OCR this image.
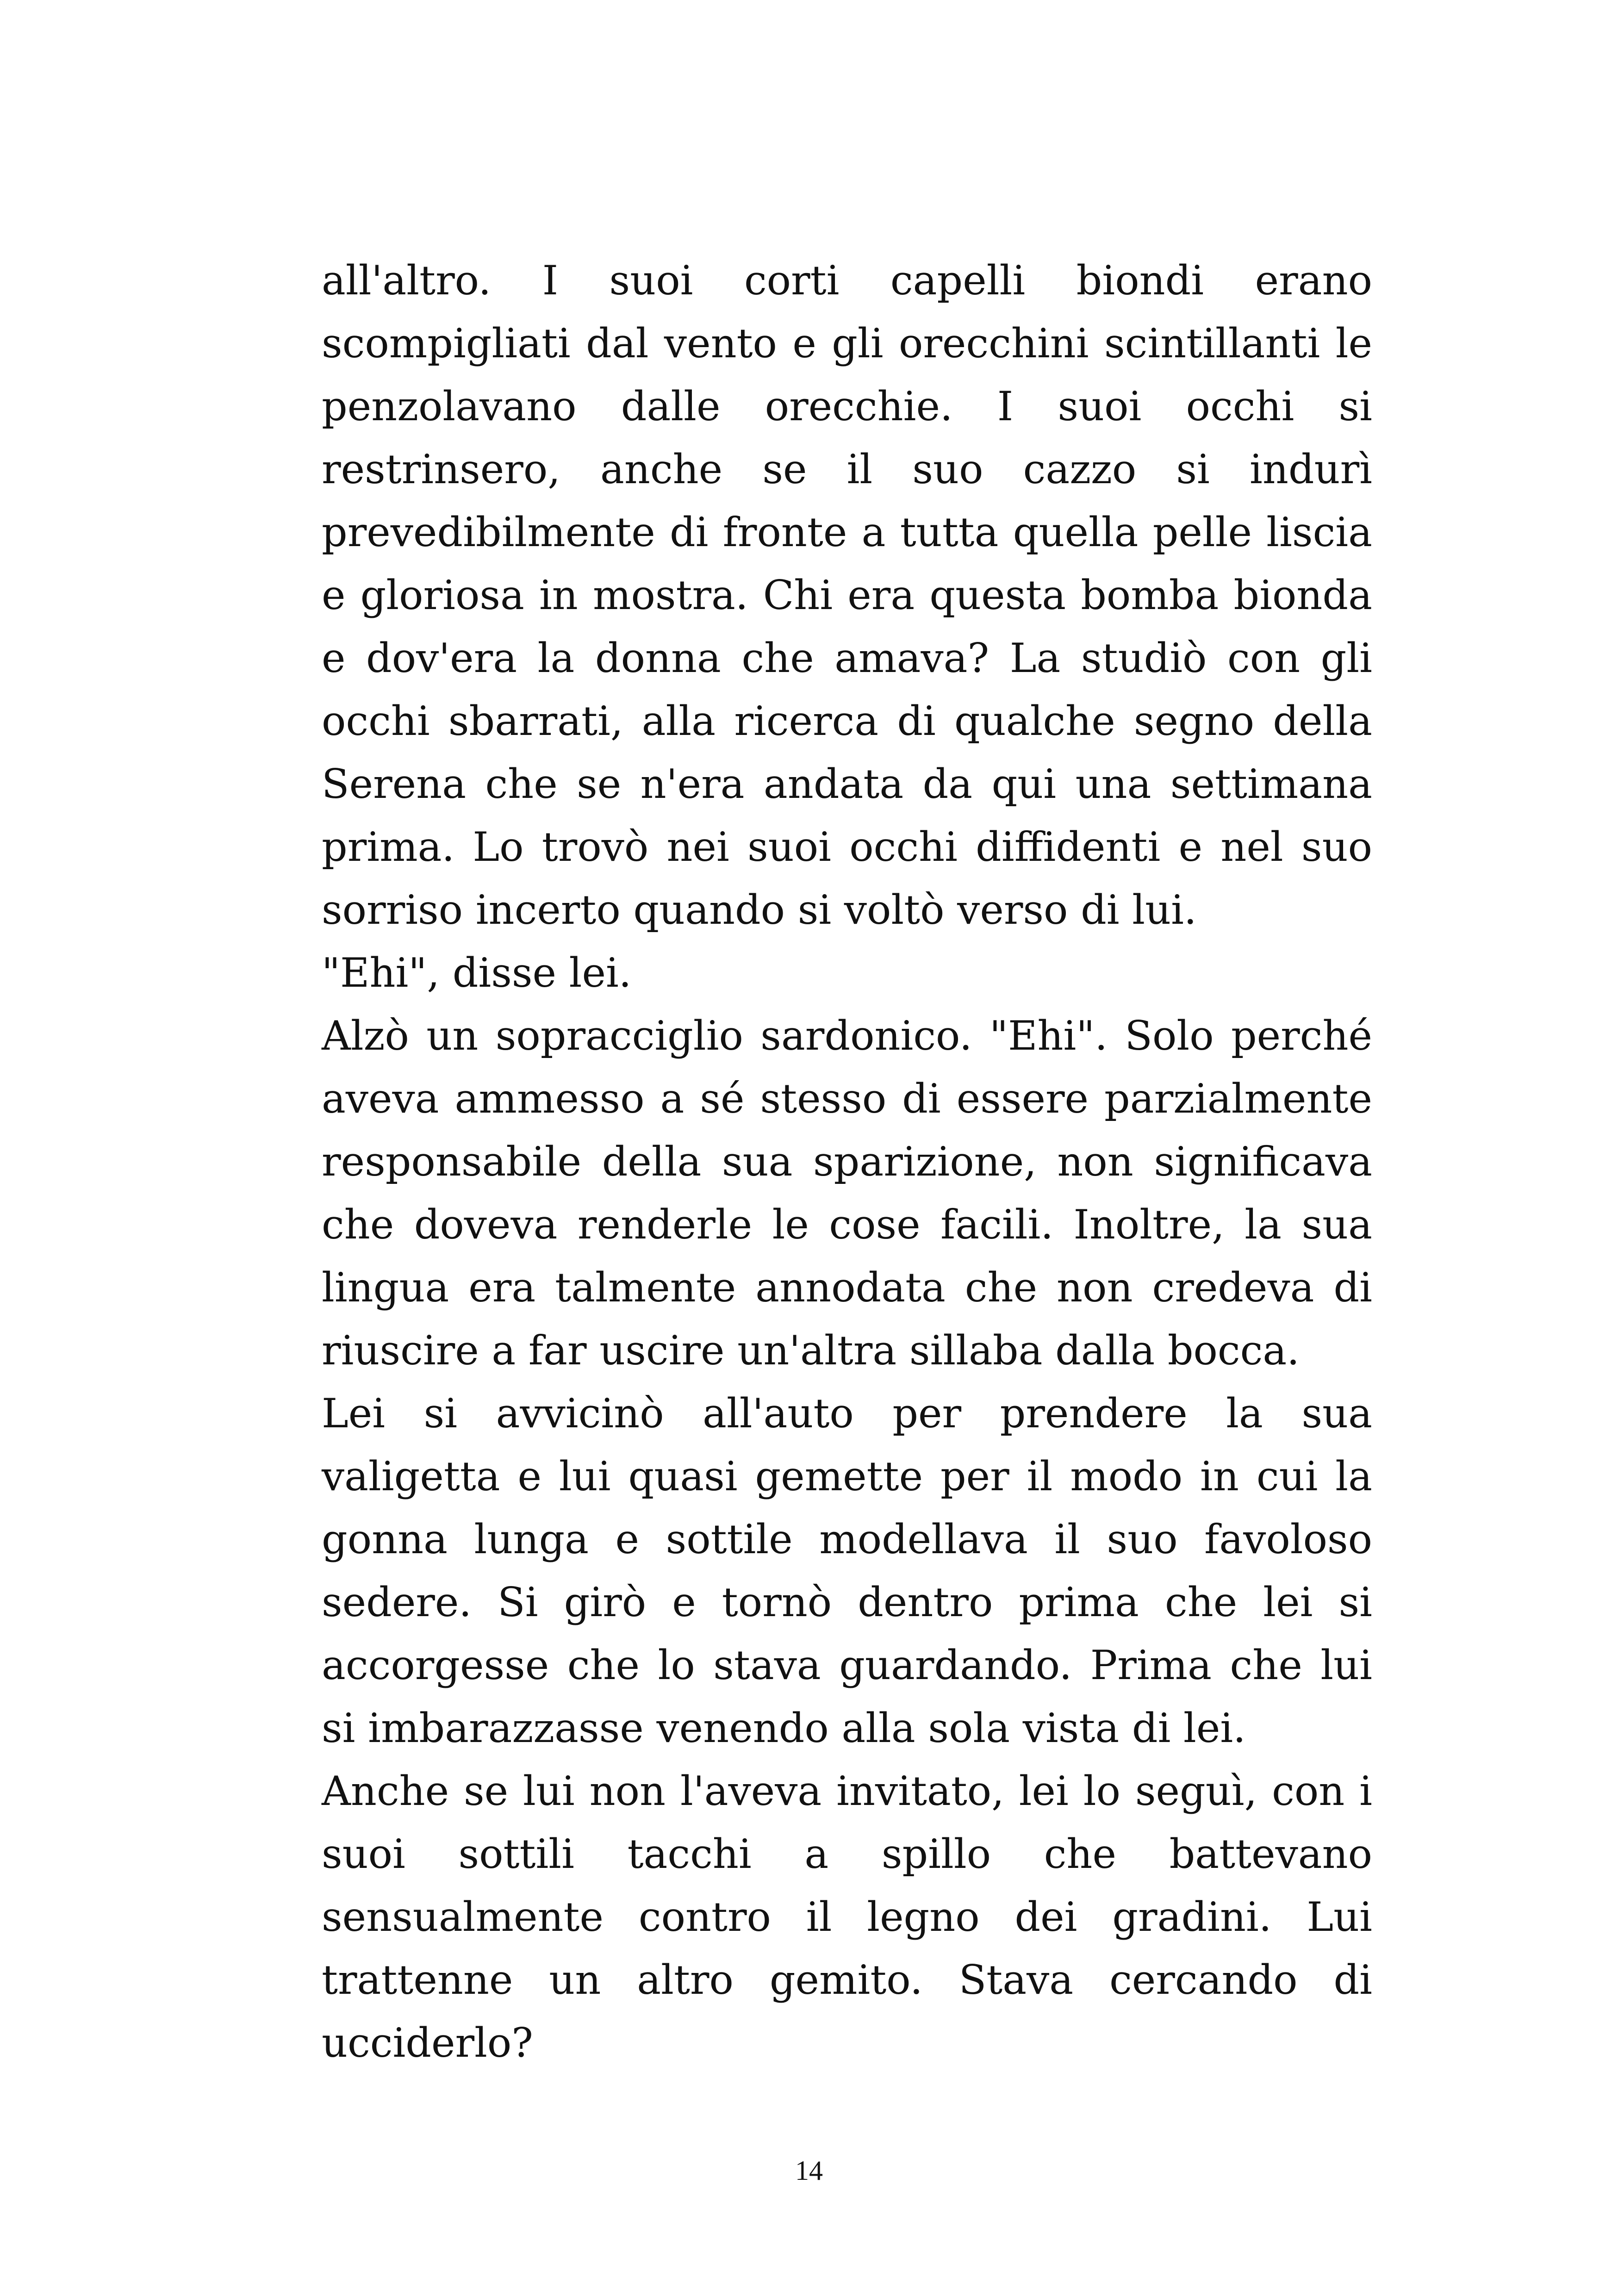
all'altro. I suoi corti capelli biondi erano scompigliati dal vento e gli orecchini scintillanti le penzolavano dalle orecchie. I suoi occhi si restrinsero, anche se il suo cazzo si indurì prevedibilmente di fronte a tutta quella pelle liscia e gloriosa in mostra. Chi era questa bomba bionda e dov'era la donna che amava? La studiò con gli occhi sbarrati, alla ricerca di qualche segno della Serena che se n'era andata da qui una settimana prima. Lo trovò nei suoi occhi diffidenti e nel suo sorriso incerto quando si voltò verso di lui.

"Ehi", disse lei.

Alzò un sopracciglio sardonico. "Ehi". Solo perché aveva ammesso a sé stesso di essere parzialmente responsabile della sua sparizione, non significava che doveva renderle le cose facili. Inoltre, la sua lingua era talmente annodata che non credeva di riuscire a far uscire un'altra sillaba dalla bocca.

Lei si avvicinò all'auto per prendere la sua valigetta e lui quasi gemette per il modo in cui la gonna lunga e sottile modellava il suo favoloso sedere. Si girò e tornò dentro prima che lei si accorgesse che lo stava guardando. Prima che lui si imbarazzasse venendo alla sola vista di lei.

Anche se lui non l'aveva invitato, lei lo seguì, con i suoi sottili tacchi a spillo che battevano sensualmente contro il legno dei gradini. Lui trattenne un altro gemito. Stava cercando di ucciderlo?

14
